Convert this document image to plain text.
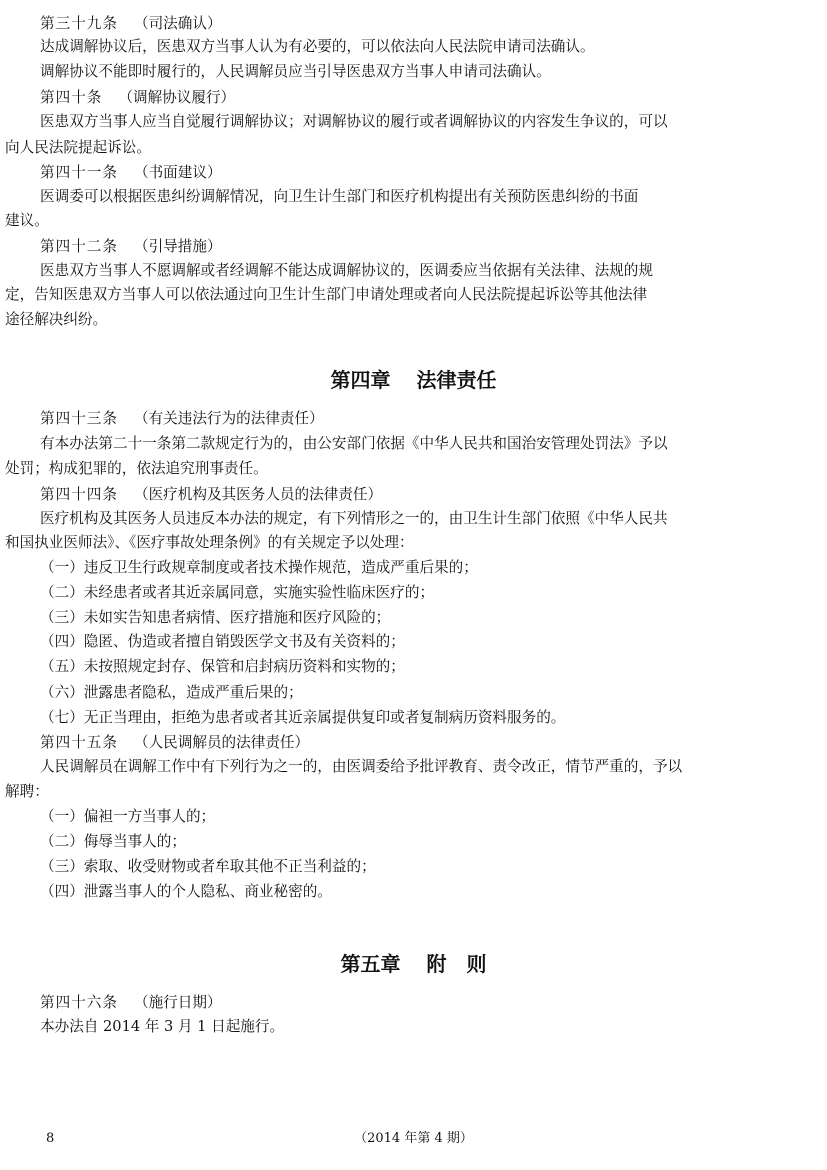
8	（2014 年第 4 期）
第三十九条 （司法确认）
达成调解协议后，医患双方当事人认为有必要的，可以依法向人民法院申请司法确认。
调解协议不能即时履行的，人民调解员应当引导医患双方当事人申请司法确认。
第四十条 （调解协议履行）
医患双方当事人应当自觉履行调解协议；对调解协议的履行或者调解协议的内容发生争议的，可以
向人民法院提起诉讼。
第四十一条 （书面建议）
医调委可以根据医患纠纷调解情况，向卫生计生部门和医疗机构提出有关预防医患纠纷的书面
建议。
第四十二条 （引导措施）
医患双方当事人不愿调解或者经调解不能达成调解协议的，医调委应当依据有关法律、法规的规
定，告知医患双方当事人可以依法通过向卫生计生部门申请处理或者向人民法院提起诉讼等其他法律
途径解决纠纷。
第四章 法律责任
第四十三条 （有关违法行为的法律责任）
有本办法第二十一条第二款规定行为的，由公安部门依据《中华人民共和国治安管理处罚法》予以
处罚；构成犯罪的，依法追究刑事责任。
第四十四条 （医疗机构及其医务人员的法律责任）
医疗机构及其医务人员违反本办法的规定，有下列情形之一的，由卫生计生部门依照《中华人民共
和国执业医师法》、《医疗事故处理条例》的有关规定予以处理：
（一）违反卫生行政规章制度或者技术操作规范，造成严重后果的；
（二）未经患者或者其近亲属同意，实施实验性临床医疗的；
（三）未如实告知患者病情、医疗措施和医疗风险的；
（四）隐匿、伪造或者擅自销毁医学文书及有关资料的；
（五）未按照规定封存、保管和启封病历资料和实物的；
（六）泄露患者隐私，造成严重后果的；
（七）无正当理由，拒绝为患者或者其近亲属提供复印或者复制病历资料服务的。
第四十五条 （人民调解员的法律责任）
人民调解员在调解工作中有下列行为之一的，由医调委给予批评教育、责令改正，情节严重的，予以
解聘：
（一）偏袒一方当事人的；
（二）侮辱当事人的；
（三）索取、收受财物或者牟取其他不正当利益的；
（四）泄露当事人的个人隐私、商业秘密的。
第五章 附　则
第四十六条 （施行日期）
本办法自 2014 年 3 月 1 日起施行。
